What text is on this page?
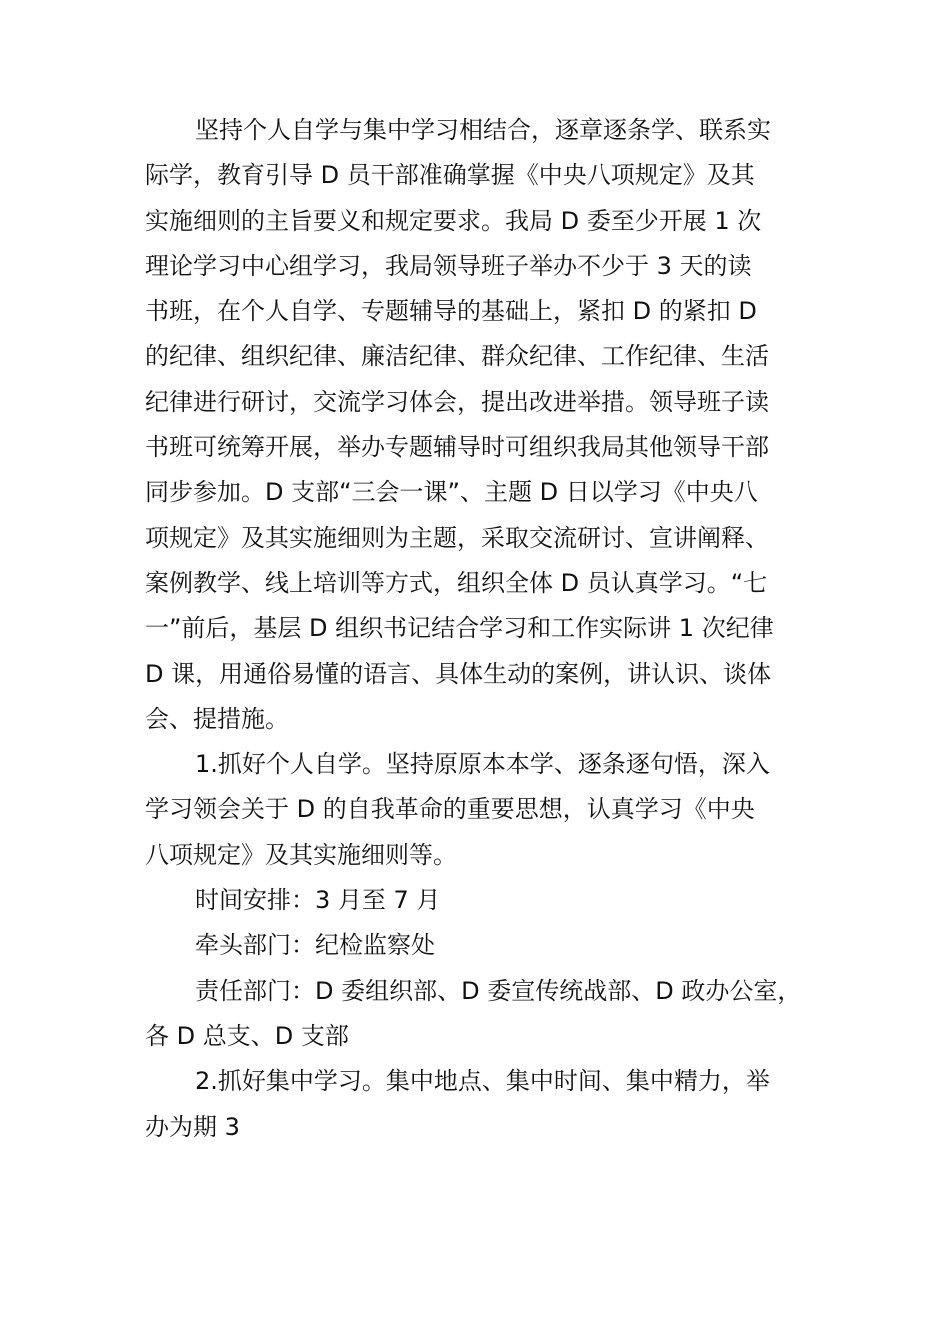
坚持个人自学与集中学习相结合，逐章逐条学、联系实
际学，教育引导 D 员干部准确掌握《中央八项规定》及其
实施细则的主旨要义和规定要求。我局 D 委至少开展 1 次
理论学习中心组学习，我局领导班子举办不少于 3 天的读
书班，在个人自学、专题辅导的基础上，紧扣 D 的紧扣 D
的纪律、组织纪律、廉洁纪律、群众纪律、工作纪律、生活
纪律进行研讨，交流学习体会，提出改进举措。领导班子读
书班可统筹开展，举办专题辅导时可组织我局其他领导干部
同步参加。D 支部“三会一课”、主题 D 日以学习《中央八
项规定》及其实施细则为主题，采取交流研讨、宣讲阐释、
案例教学、线上培训等方式，组织全体 D 员认真学习。“七
一”前后，基层 D 组织书记结合学习和工作实际讲 1 次纪律
D 课，用通俗易懂的语言、具体生动的案例，讲认识、谈体
会、提措施。
1.抓好个人自学。坚持原原本本学、逐条逐句悟，深入
学习领会关于 D 的自我革命的重要思想，认真学习《中央
八项规定》及其实施细则等。
时间安排：3 月至 7 月
牵头部门：纪检监察处
责任部门：D 委组织部、D 委宣传统战部、D 政办公室，
各 D 总支、D 支部
2.抓好集中学习。集中地点、集中时间、集中精力，举
办为期 3
